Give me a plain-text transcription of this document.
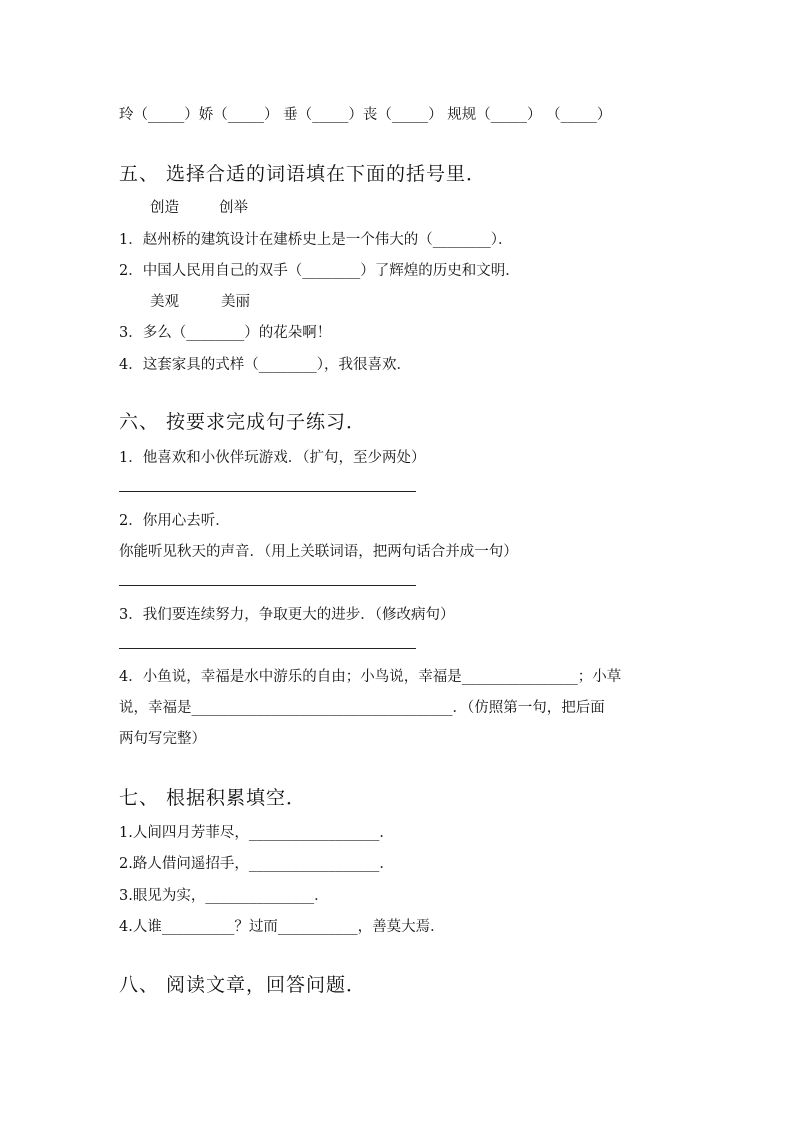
玲（_____）娇（_____） 垂（_____）丧（_____） 规规（_____） （_____）
五、 选择合适的词语填在下面的括号里．
创造	创举
1．赵州桥的建筑设计在建桥史上是一个伟大的（________）．
2．中国人民用自己的双手（________）了辉煌的历史和文明．
美观	美丽
3．多么（________）的花朵啊！
4．这套家具的式样（________），我很喜欢．
六、 按要求完成句子练习．
1．他喜欢和小伙伴玩游戏．（扩句，至少两处）
2．你用心去听．
你能听见秋天的声音．（用上关联词语，把两句话合并成一句）
3．我们要连续努力，争取更大的进步．（修改病句）
4．小鱼说，幸福是水中游乐的自由；小鸟说，幸福是________________；小草
说，幸福是____________________________________．（仿照第一句，把后面
两句写完整）
七、 根据积累填空．
1.人间四月芳菲尽，__________________．
2.路人借问遥招手，__________________．
3.眼见为实，_______________．
4.人谁__________？过而___________，善莫大焉．
八、 阅读文章，回答问题．
